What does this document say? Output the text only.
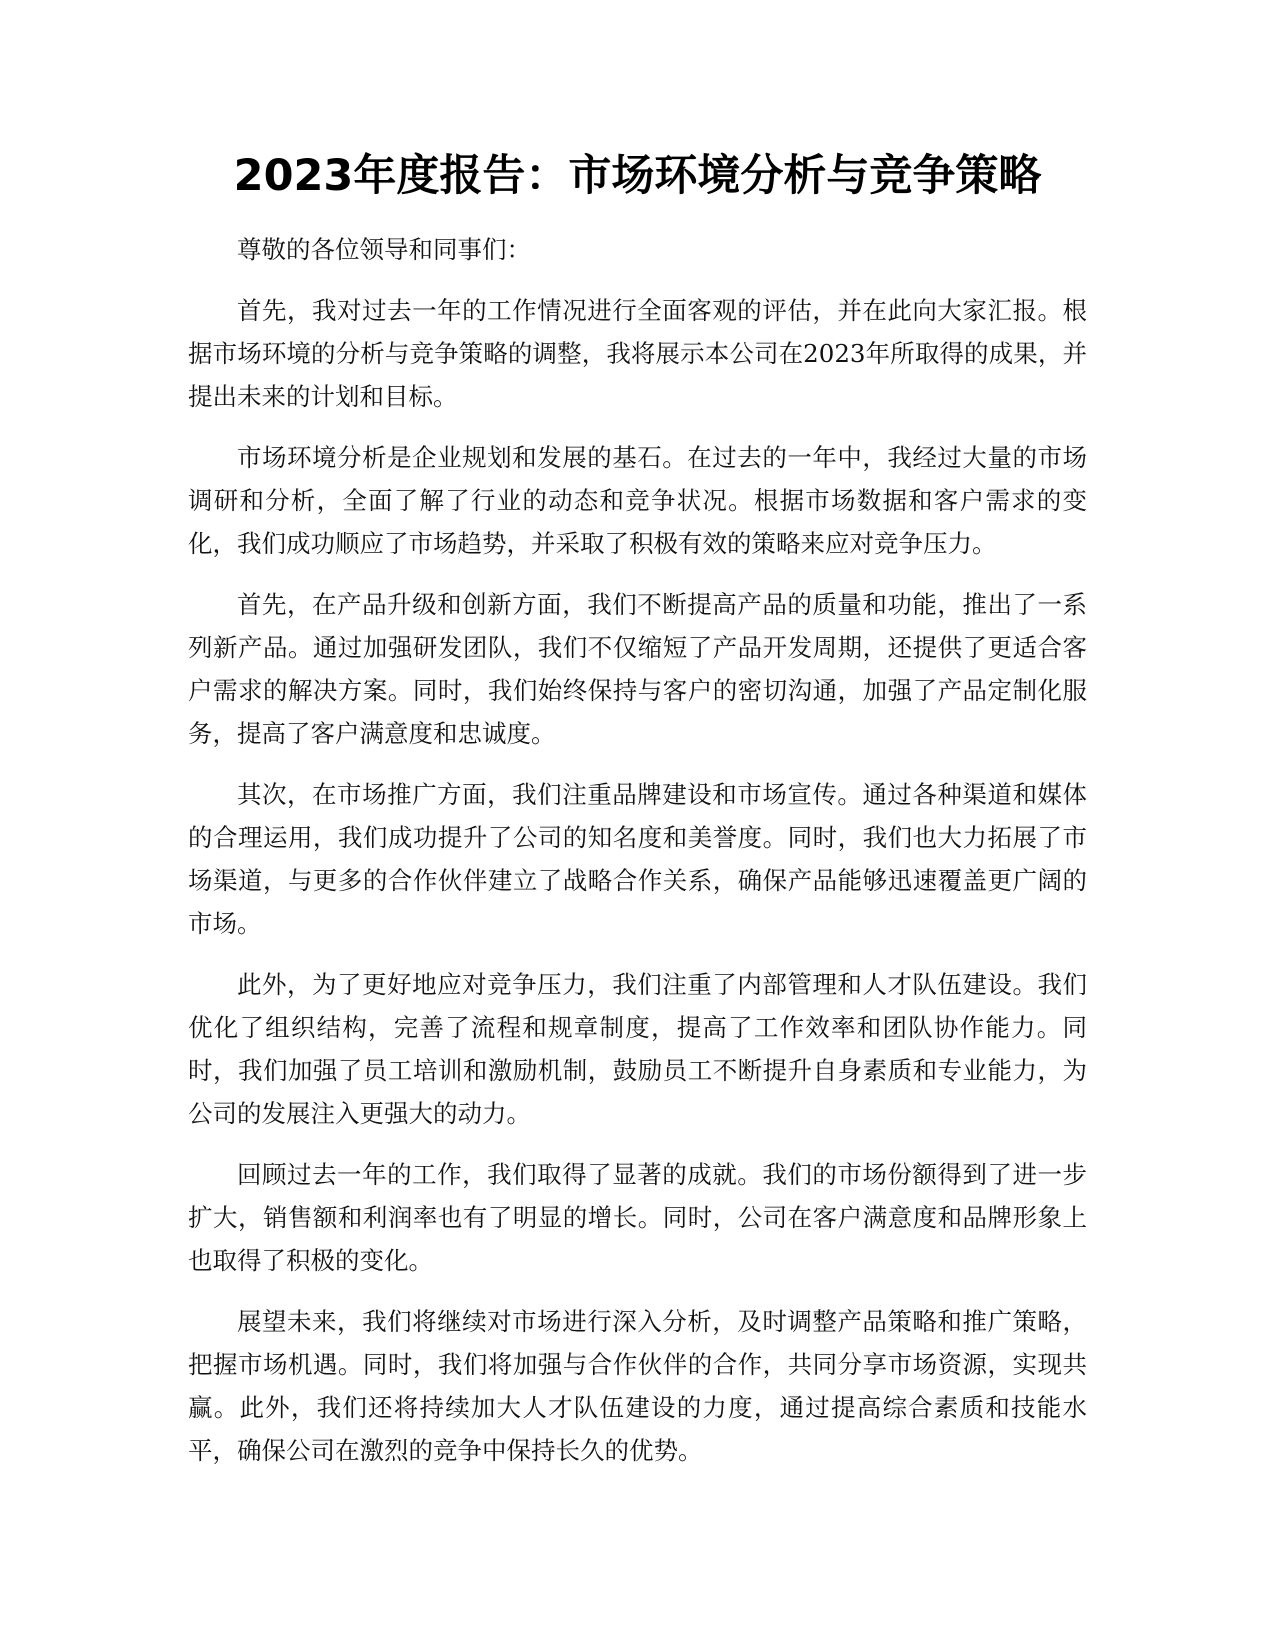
2023年度报告：市场环境分析与竞争策略

尊敬的各位领导和同事们：

首先，我对过去一年的工作情况进行全面客观的评估，并在此向大家汇报。根据市场环境的分析与竞争策略的调整，我将展示本公司在2023年所取得的成果，并提出未来的计划和目标。

市场环境分析是企业规划和发展的基石。在过去的一年中，我经过大量的市场调研和分析，全面了解了行业的动态和竞争状况。根据市场数据和客户需求的变化，我们成功顺应了市场趋势，并采取了积极有效的策略来应对竞争压力。

首先，在产品升级和创新方面，我们不断提高产品的质量和功能，推出了一系列新产品。通过加强研发团队，我们不仅缩短了产品开发周期，还提供了更适合客户需求的解决方案。同时，我们始终保持与客户的密切沟通，加强了产品定制化服务，提高了客户满意度和忠诚度。

其次，在市场推广方面，我们注重品牌建设和市场宣传。通过各种渠道和媒体的合理运用，我们成功提升了公司的知名度和美誉度。同时，我们也大力拓展了市场渠道，与更多的合作伙伴建立了战略合作关系，确保产品能够迅速覆盖更广阔的市场。

此外，为了更好地应对竞争压力，我们注重了内部管理和人才队伍建设。我们优化了组织结构，完善了流程和规章制度，提高了工作效率和团队协作能力。同时，我们加强了员工培训和激励机制，鼓励员工不断提升自身素质和专业能力，为公司的发展注入更强大的动力。

回顾过去一年的工作，我们取得了显著的成就。我们的市场份额得到了进一步扩大，销售额和利润率也有了明显的增长。同时，公司在客户满意度和品牌形象上也取得了积极的变化。

展望未来，我们将继续对市场进行深入分析，及时调整产品策略和推广策略，把握市场机遇。同时，我们将加强与合作伙伴的合作，共同分享市场资源，实现共赢。此外，我们还将持续加大人才队伍建设的力度，通过提高综合素质和技能水平，确保公司在激烈的竞争中保持长久的优势。
